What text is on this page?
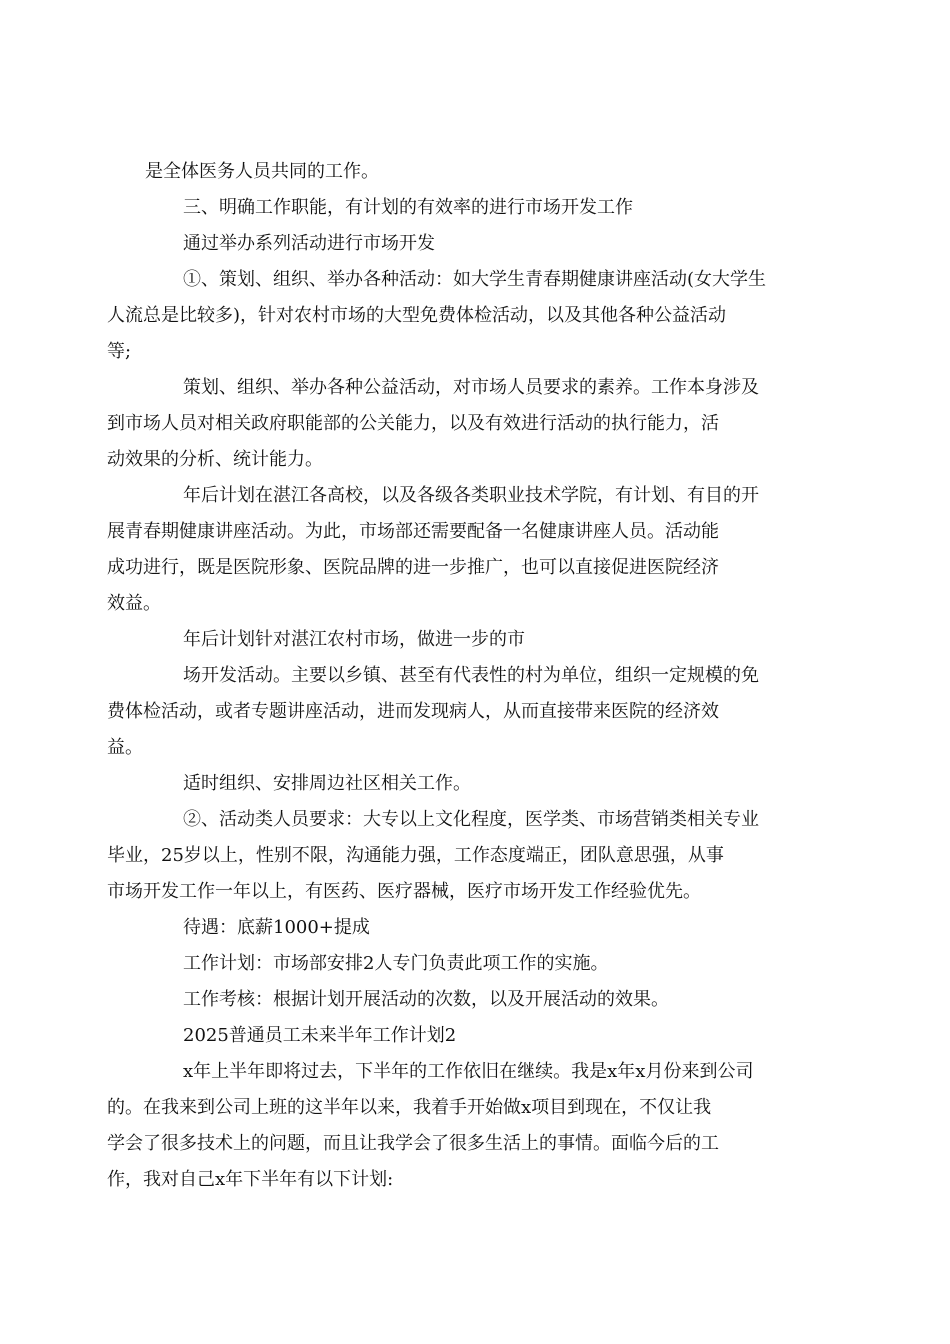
是全体医务人员共同的工作。

三、明确工作职能，有计划的有效率的进行市场开发工作

通过举办系列活动进行市场开发

①、策划、组织、举办各种活动：如大学生青春期健康讲座活动(女大学生
人流总是比较多)，针对农村市场的大型免费体检活动，以及其他各种公益活动
等;

策划、组织、举办各种公益活动，对市场人员要求的素养。工作本身涉及
到市场人员对相关政府职能部的公关能力，以及有效进行活动的执行能力，活
动效果的分析、统计能力。

年后计划在湛江各高校，以及各级各类职业技术学院，有计划、有目的开
展青春期健康讲座活动。为此，市场部还需要配备一名健康讲座人员。活动能
成功进行，既是医院形象、医院品牌的进一步推广，也可以直接促进医院经济
效益。

年后计划针对湛江农村市场，做进一步的市

场开发活动。主要以乡镇、甚至有代表性的村为单位，组织一定规模的免
费体检活动，或者专题讲座活动，进而发现病人，从而直接带来医院的经济效
益。

适时组织、安排周边社区相关工作。

②、活动类人员要求：大专以上文化程度，医学类、市场营销类相关专业
毕业，25岁以上，性别不限，沟通能力强，工作态度端正，团队意思强，从事
市场开发工作一年以上，有医药、医疗器械，医疗市场开发工作经验优先。

待遇：底薪1000+提成

工作计划：市场部安排2人专门负责此项工作的实施。

工作考核：根据计划开展活动的次数，以及开展活动的效果。

2025普通员工未来半年工作计划2

x年上半年即将过去，下半年的工作依旧在继续。我是x年x月份来到公司
的。在我来到公司上班的这半年以来，我着手开始做x项目到现在，不仅让我
学会了很多技术上的问题，而且让我学会了很多生活上的事情。面临今后的工
作，我对自己x年下半年有以下计划:
